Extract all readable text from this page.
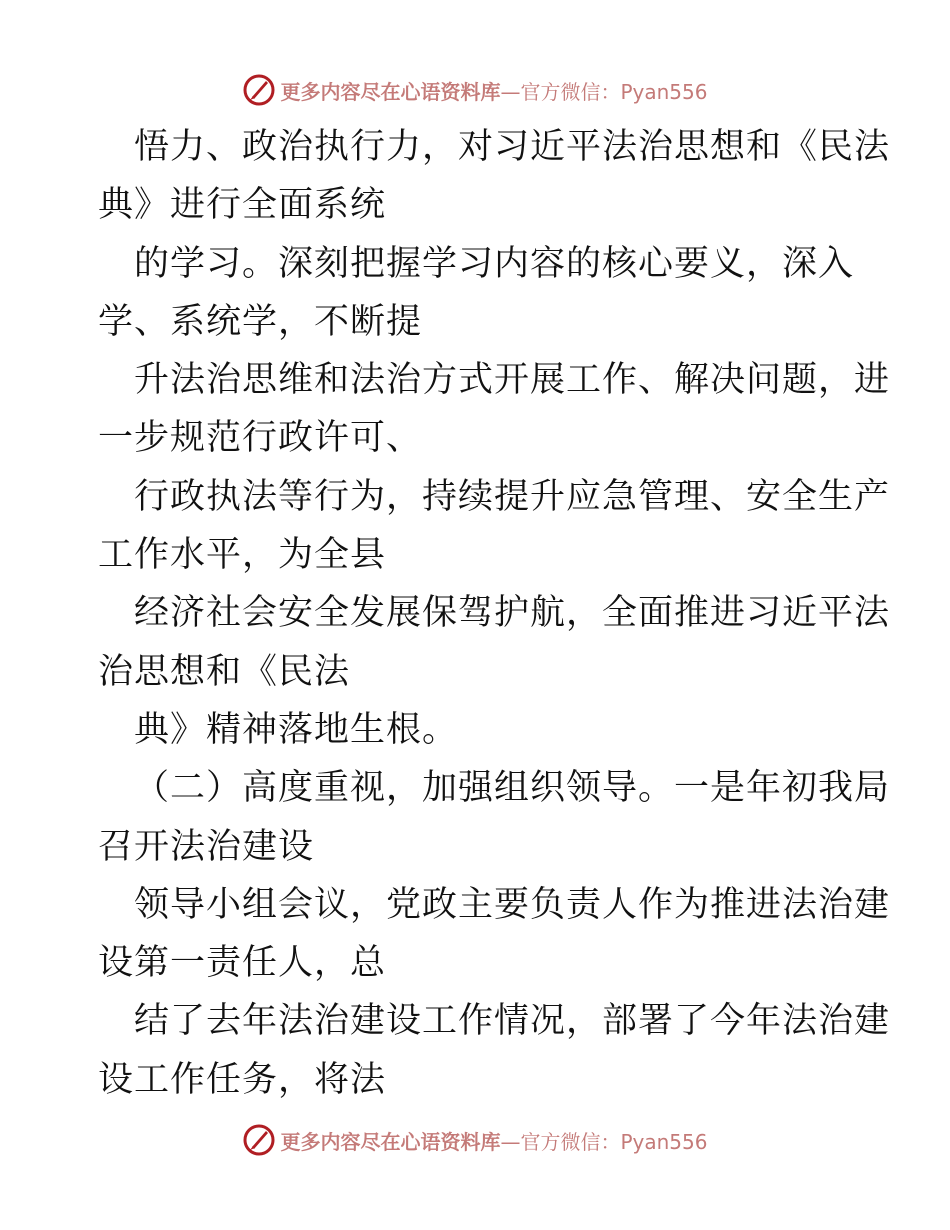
更多内容尽在心语资料库—官方微信：Pyan556
悟力、政治执行力，对习近平法治思想和《民法
典》进行全面系统
的学习。深刻把握学习内容的核心要义，深入
学、系统学，不断提
升法治思维和法治方式开展工作、解决问题，进
一步规范行政许可、
行政执法等行为，持续提升应急管理、安全生产
工作水平，为全县
经济社会安全发展保驾护航，全面推进习近平法
治思想和《民法
典》精神落地生根。
（二）高度重视，加强组织领导。一是年初我局
召开法治建设
领导小组会议，党政主要负责人作为推进法治建
设第一责任人，总
结了去年法治建设工作情况，部署了今年法治建
设工作任务，将法
更多内容尽在心语资料库—官方微信：Pyan556
